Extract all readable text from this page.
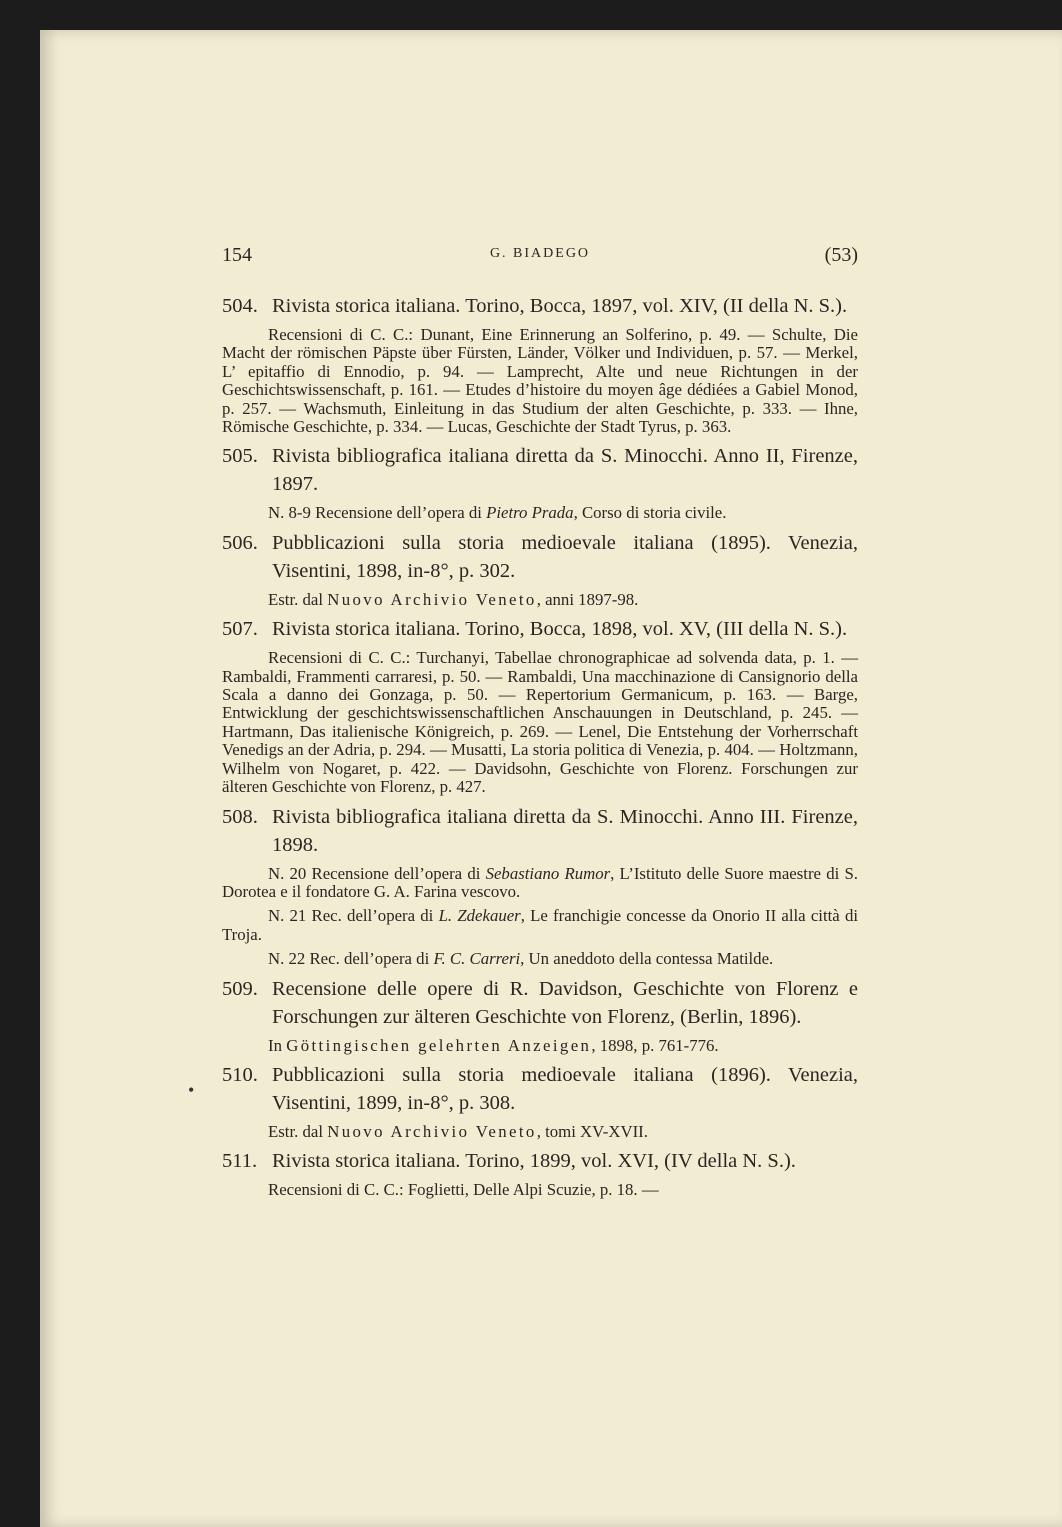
•
154	G. BIADEGO	(53)
504. Rivista storica italiana. Torino, Bocca, 1897, vol. XIV, (II della N. S.).
Recensioni di C. C.: Dunant, Eine Erinnerung an Solferino, p. 49. — Schulte, Die Macht der römischen Päpste über Fürsten, Länder, Völker und Individuen, p. 57. — Merkel, L’ epitaffio di Ennodio, p. 94. — Lamprecht, Alte und neue Richtungen in der Geschichtswissenschaft, p. 161. — Etudes d’histoire du moyen âge dédiées a Gabiel Monod, p. 257. — Wachsmuth, Einleitung in das Studium der alten Geschichte, p. 333. — Ihne, Römische Geschichte, p. 334. — Lucas, Geschichte der Stadt Tyrus, p. 363.
505. Rivista bibliografica italiana diretta da S. Minocchi. Anno II, Firenze, 1897.
N. 8-9 Recensione dell’opera di Pietro Prada, Corso di storia civile.
506. Pubblicazioni sulla storia medioevale italiana (1895). Venezia, Visentini, 1898, in-8°, p. 302.
Estr. dal Nuovo Archivio Veneto, anni 1897-98.
507. Rivista storica italiana. Torino, Bocca, 1898, vol. XV, (III della N. S.).
Recensioni di C. C.: Turchanyi, Tabellae chronographicae ad solvenda data, p. 1. — Rambaldi, Frammenti carraresi, p. 50. — Rambaldi, Una macchinazione di Cansignorio della Scala a danno dei Gonzaga, p. 50. — Repertorium Germanicum, p. 163. — Barge, Entwicklung der geschichtswissenschaftlichen Anschauungen in Deutschland, p. 245. — Hartmann, Das italienische Königreich, p. 269. — Lenel, Die Entstehung der Vorherrschaft Venedigs an der Adria, p. 294. — Musatti, La storia politica di Venezia, p. 404. — Holtzmann, Wilhelm von Nogaret, p. 422. — Davidsohn, Geschichte von Florenz. Forschungen zur älteren Geschichte von Florenz, p. 427.
508. Rivista bibliografica italiana diretta da S. Minocchi. Anno III. Firenze, 1898.
N. 20 Recensione dell’opera di Sebastiano Rumor, L’Istituto delle Suore maestre di S. Dorotea e il fondatore G. A. Farina vescovo.
N. 21 Rec. dell’opera di L. Zdekauer, Le franchigie concesse da Onorio II alla città di Troja.
N. 22 Rec. dell’opera di F. C. Carreri, Un aneddoto della contessa Matilde.
509. Recensione delle opere di R. Davidson, Geschichte von Florenz e Forschungen zur älteren Geschichte von Florenz, (Berlin, 1896).
In Göttingischen gelehrten Anzeigen, 1898, p. 761-776.
510. Pubblicazioni sulla storia medioevale italiana (1896). Venezia, Visentini, 1899, in-8°, p. 308.
Estr. dal Nuovo Archivio Veneto, tomi XV-XVII.
511. Rivista storica italiana. Torino, 1899, vol. XVI, (IV della N. S.).
Recensioni di C. C.: Foglietti, Delle Alpi Scuzie, p. 18. —
